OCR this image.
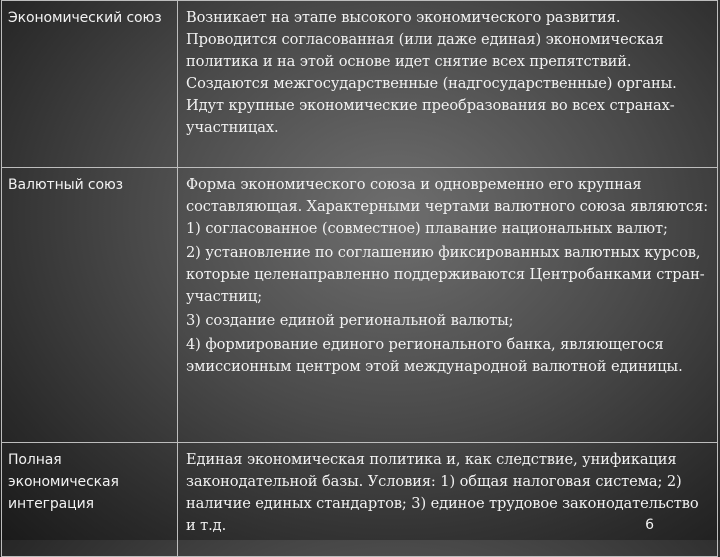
Экономический союз	Возникает на этапе высокого экономического развития. Проводится согласованная (или даже единая) экономическая политика и на этой основе идет снятие всех препятствий. Создаются межгосударственные (надгосударственные) органы. Идут крупные экономические преобразования во всех странах-участницах.

Валютный союз	Форма экономического союза и одновременно его крупная составляющая. Характерными чертами валютного союза являются: 1) согласованное (совместное) плавание национальных валют;

2) установление по соглашению фиксированных валютных курсов, которые целенаправленно поддерживаются Центробанками стран-участниц;

3) создание единой региональной валюты;

4) формирование единого регионального банка, являющегося эмиссионным центром этой международной валютной единицы.

Полная экономическая интеграция	Единая экономическая политика и, как следствие, унификация законодательной базы. Условия: 1) общая налоговая система; 2) наличие единых стандартов; 3) единое трудовое законодательство и т.д.	6
